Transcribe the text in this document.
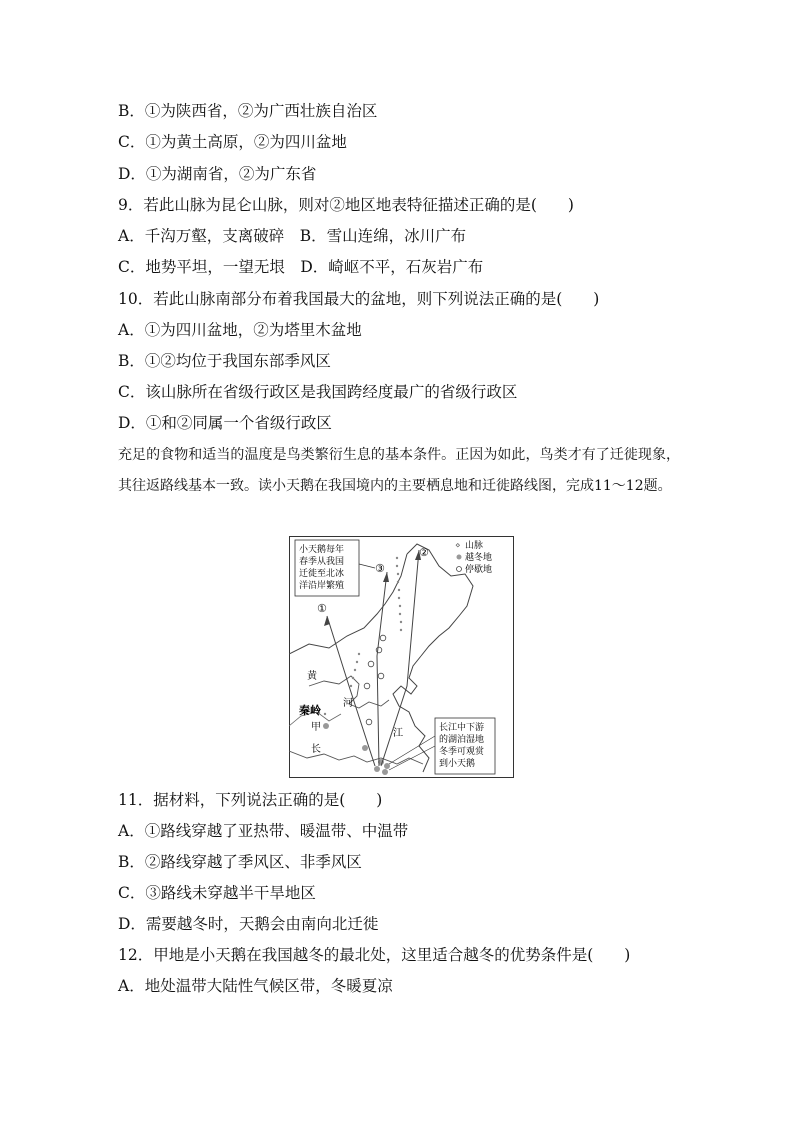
B．①为陕西省，②为广西壮族自治区
C．①为黄土高原，②为四川盆地
D．①为湖南省，②为广东省
9．若此山脉为昆仑山脉，则对②地区地表特征描述正确的是(　　)
A．千沟万壑，支离破碎　B．雪山连绵，冰川广布
C．地势平坦，一望无垠　D．崎岖不平，石灰岩广布
10．若此山脉南部分布着我国最大的盆地，则下列说法正确的是(　　)
A．①为四川盆地，②为塔里木盆地
B．①②均位于我国东部季风区
C．该山脉所在省级行政区是我国跨经度最广的省级行政区
D．①和②同属一个省级行政区
充足的食物和适当的温度是鸟类繁衍生息的基本条件。正因为如此，鸟类才有了迁徙现象，其往返路线基本一致。读小天鹅在我国境内的主要栖息地和迁徙路线图，完成11～12题。
①
②
③
黄
河
秦岭
甲
长
江
⋄ 山脉
越冬地
停歇地
小天鹅每年
春季从我国
迁徙至北冰
洋沿岸繁殖
长江中下游
的湖泊湿地
冬季可观赏
到小天鹅
11．据材料，下列说法正确的是(　　)
A．①路线穿越了亚热带、暖温带、中温带
B．②路线穿越了季风区、非季风区
C．③路线未穿越半干旱地区
D．需要越冬时，天鹅会由南向北迁徙
12．甲地是小天鹅在我国越冬的最北处，这里适合越冬的优势条件是(　　)
A．地处温带大陆性气候区带，冬暖夏凉
